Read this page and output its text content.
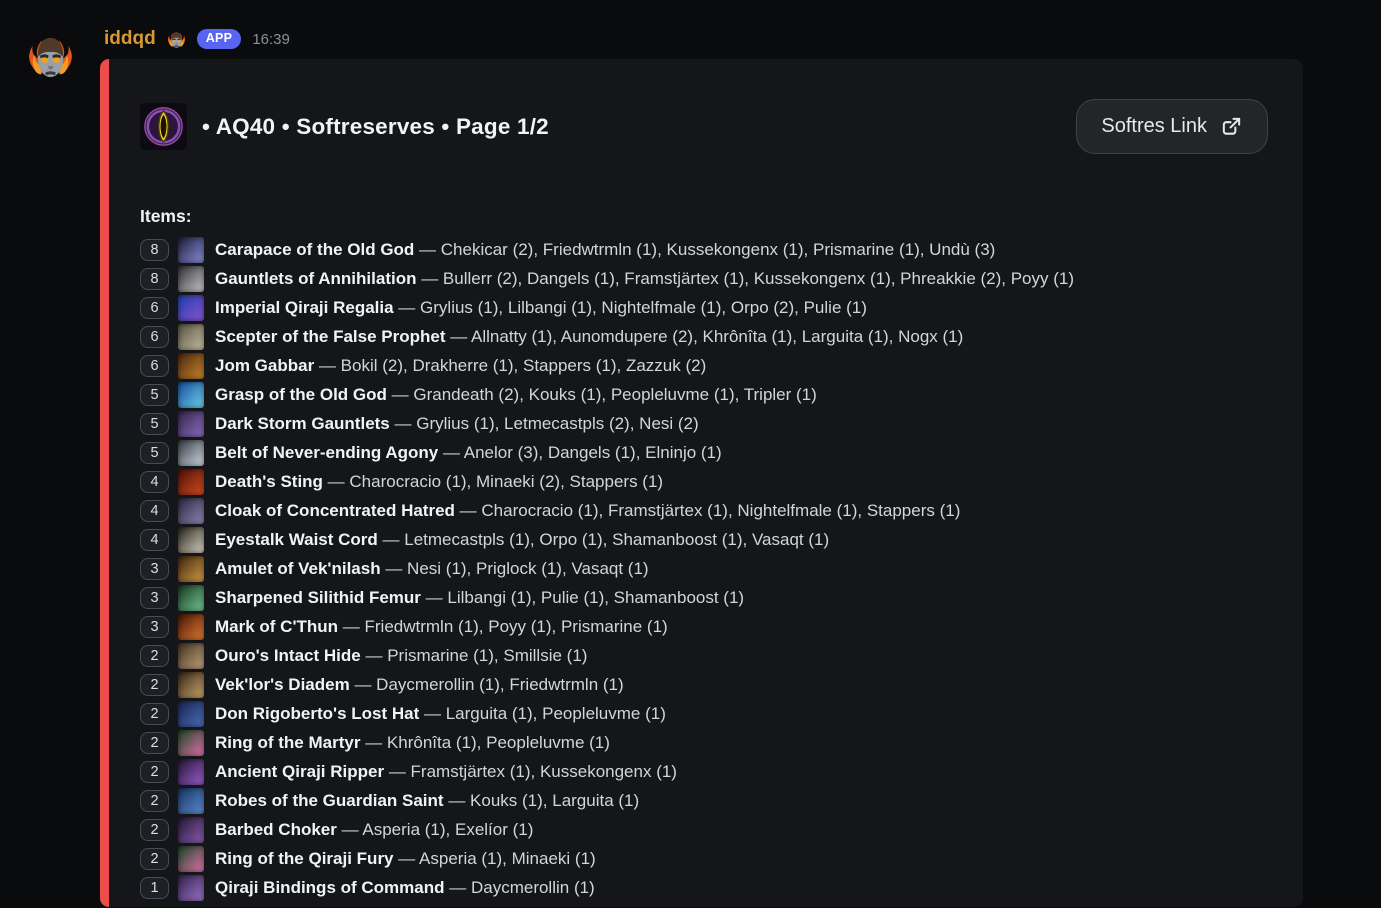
iddqd	APP	16:39
• AQ40 • Softreserves • Page 1/2	Softres Link
Items:
8	Carapace of the Old God — Chekicar (2), Friedwtrmln (1), Kussekongenx (1), Prismarine (1), Undù (3)
8	Gauntlets of Annihilation — Bullerr (2), Dangels (1), Framstjärtex (1), Kussekongenx (1), Phreakkie (2), Poyy (1)
6	Imperial Qiraji Regalia — Grylius (1), Lilbangi (1), Nightelfmale (1), Orpo (2), Pulie (1)
6	Scepter of the False Prophet — Allnatty (1), Aunomdupere (2), Khrônîta (1), Larguita (1), Nogx (1)
6	Jom Gabbar — Bokil (2), Drakherre (1), Stappers (1), Zazzuk (2)
5	Grasp of the Old God — Grandeath (2), Kouks (1), Peopleluvme (1), Tripler (1)
5	Dark Storm Gauntlets — Grylius (1), Letmecastpls (2), Nesi (2)
5	Belt of Never-ending Agony — Anelor (3), Dangels (1), Elninjo (1)
4	Death's Sting — Charocracio (1), Minaeki (2), Stappers (1)
4	Cloak of Concentrated Hatred — Charocracio (1), Framstjärtex (1), Nightelfmale (1), Stappers (1)
4	Eyestalk Waist Cord — Letmecastpls (1), Orpo (1), Shamanboost (1), Vasaqt (1)
3	Amulet of Vek'nilash — Nesi (1), Priglock (1), Vasaqt (1)
3	Sharpened Silithid Femur — Lilbangi (1), Pulie (1), Shamanboost (1)
3	Mark of C'Thun — Friedwtrmln (1), Poyy (1), Prismarine (1)
2	Ouro's Intact Hide — Prismarine (1), Smillsie (1)
2	Vek'lor's Diadem — Daycmerollin (1), Friedwtrmln (1)
2	Don Rigoberto's Lost Hat — Larguita (1), Peopleluvme (1)
2	Ring of the Martyr — Khrônîta (1), Peopleluvme (1)
2	Ancient Qiraji Ripper — Framstjärtex (1), Kussekongenx (1)
2	Robes of the Guardian Saint — Kouks (1), Larguita (1)
2	Barbed Choker — Asperia (1), Exelíor (1)
2	Ring of the Qiraji Fury — Asperia (1), Minaeki (1)
1	Qiraji Bindings of Command — Daycmerollin (1)
